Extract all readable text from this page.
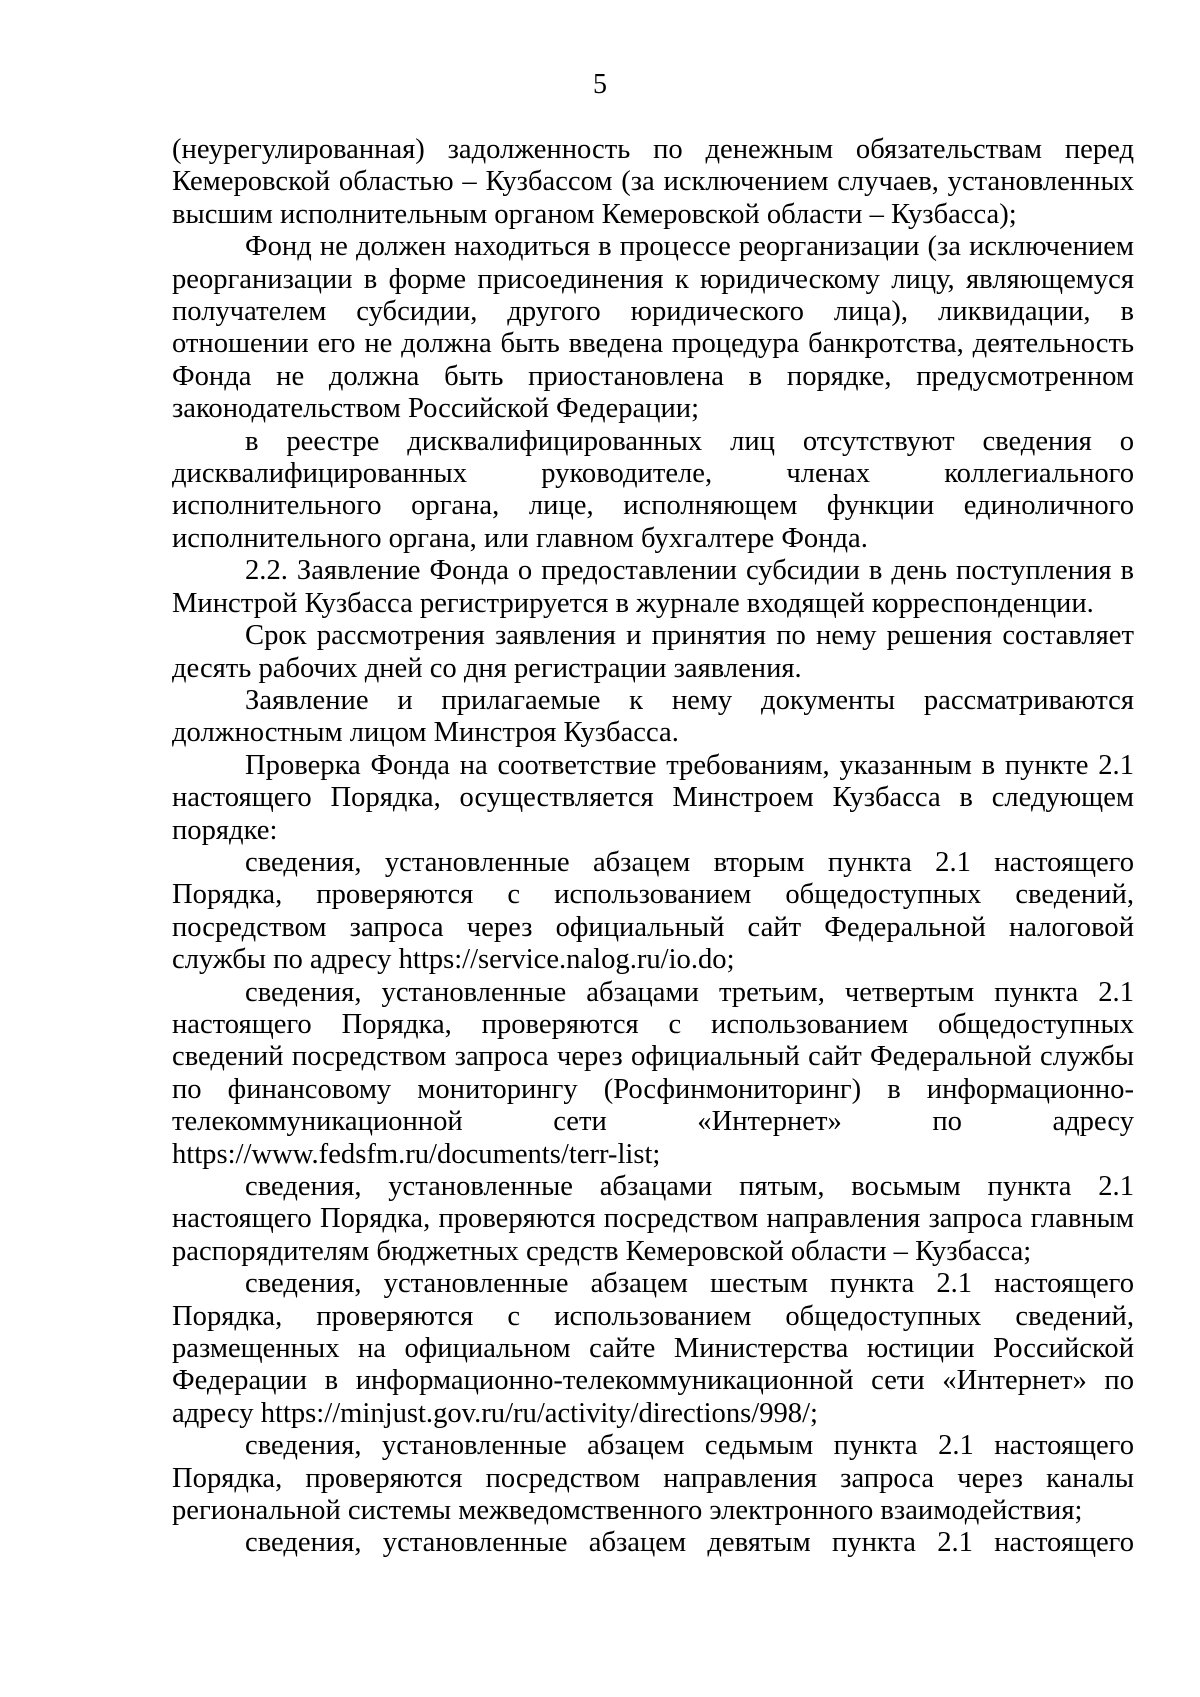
5

(неурегулированная) задолженность по денежным обязательствам перед Кемеровской областью – Кузбассом (за исключением случаев, установленных высшим исполнительным органом Кемеровской области – Кузбасса);

Фонд не должен находиться в процессе реорганизации (за исключением реорганизации в форме присоединения к юридическому лицу, являющемуся получателем субсидии, другого юридического лица), ликвидации, в отношении его не должна быть введена процедура банкротства, деятельность Фонда не должна быть приостановлена в порядке, предусмотренном законодательством Российской Федерации;

в реестре дисквалифицированных лиц отсутствуют сведения о дисквалифицированных руководителе, членах коллегиального исполнительного органа, лице, исполняющем функции единоличного исполнительного органа, или главном бухгалтере Фонда.

2.2. Заявление Фонда о предоставлении субсидии в день поступления в Минстрой Кузбасса регистрируется в журнале входящей корреспонденции.

Срок рассмотрения заявления и принятия по нему решения составляет десять рабочих дней со дня регистрации заявления.

Заявление и прилагаемые к нему документы рассматриваются должностным лицом Минстроя Кузбасса.

Проверка Фонда на соответствие требованиям, указанным в пункте 2.1 настоящего Порядка, осуществляется Минстроем Кузбасса в следующем порядке:

сведения, установленные абзацем вторым пункта 2.1 настоящего Порядка, проверяются с использованием общедоступных сведений, посредством запроса через официальный сайт Федеральной налоговой службы по адресу https://service.nalog.ru/io.do;

сведения, установленные абзацами третьим, четвертым пункта 2.1 настоящего Порядка, проверяются с использованием общедоступных сведений посредством запроса через официальный сайт Федеральной службы по финансовому мониторингу (Росфинмониторинг) в информационно-телекоммуникационной сети «Интернет» по адресу https://www.fedsfm.ru/documents/terr-list;

сведения, установленные абзацами пятым, восьмым пункта 2.1 настоящего Порядка, проверяются посредством направления запроса главным распорядителям бюджетных средств Кемеровской области – Кузбасса;

сведения, установленные абзацем шестым пункта 2.1 настоящего Порядка, проверяются с использованием общедоступных сведений, размещенных на официальном сайте Министерства юстиции Российской Федерации в информационно-телекоммуникационной сети «Интернет» по адресу https://minjust.gov.ru/ru/activity/directions/998/;

сведения, установленные абзацем седьмым пункта 2.1 настоящего Порядка, проверяются посредством направления запроса через каналы региональной системы межведомственного электронного взаимодействия;

сведения, установленные абзацем девятым пункта 2.1 настоящего
